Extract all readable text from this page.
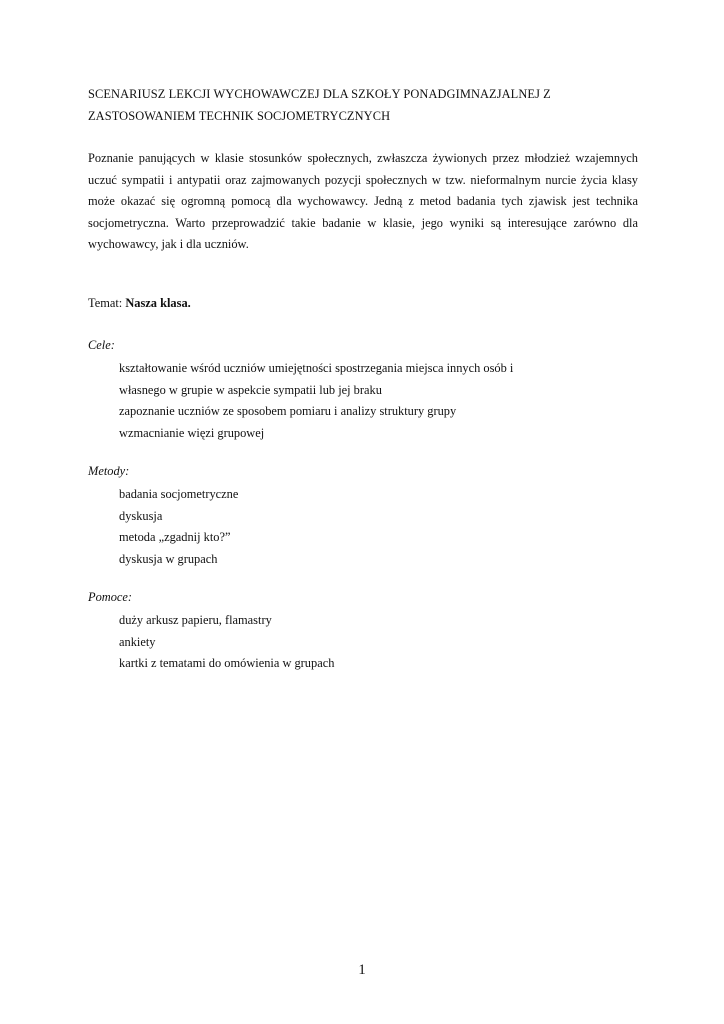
SCENARIUSZ LEKCJI WYCHOWAWCZEJ DLA SZKOŁY PONADGIMNAZJALNEJ Z
ZASTOSOWANIEM TECHNIK SOCJOMETRYCZNYCH

Poznanie panujących w klasie stosunków społecznych, zwłaszcza żywionych przez młodzież wzajemnych uczuć sympatii i antypatii oraz zajmowanych pozycji społecznych w tzw. nieformalnym nurcie życia klasy może okazać się ogromną pomocą dla wychowawcy. Jedną z metod badania tych zjawisk jest technika socjometryczna. Warto przeprowadzić takie badanie w klasie, jego wyniki są interesujące zarówno dla wychowawcy, jak i dla uczniów.

Temat: Nasza klasa.

Cele:

kształtowanie wśród uczniów umiejętności spostrzegania miejsca innych osób i
własnego w grupie w aspekcie sympatii lub jej braku
zapoznanie uczniów ze sposobem pomiaru i analizy struktury grupy
wzmacnianie więzi grupowej

Metody:

badania socjometryczne
dyskusja
metoda „zgadnij kto?”
dyskusja w grupach

Pomoce:

duży arkusz papieru, flamastry
ankiety
kartki z tematami do omówienia w grupach
1
